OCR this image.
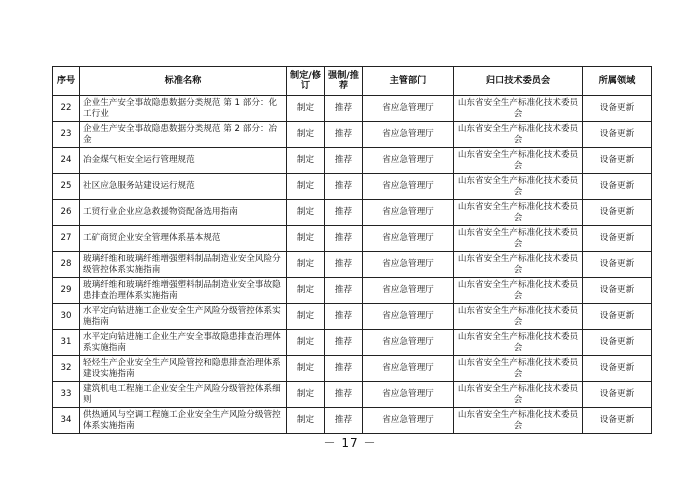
序号	标准名称	制定/修订	强制/推荐	主管部门	归口技术委员会	所属领域
22	企业生产安全事故隐患数据分类规范 第 1 部分：化工行业	制定	推荐	省应急管理厅	山东省安全生产标准化技术委员会	设备更新
23	企业生产安全事故隐患数据分类规范 第 2 部分：冶金	制定	推荐	省应急管理厅	山东省安全生产标准化技术委员会	设备更新
24	冶金煤气柜安全运行管理规范	制定	推荐	省应急管理厅	山东省安全生产标准化技术委员会	设备更新
25	社区应急服务站建设运行规范	制定	推荐	省应急管理厅	山东省安全生产标准化技术委员会	设备更新
26	工贸行业企业应急救援物资配备选用指南	制定	推荐	省应急管理厅	山东省安全生产标准化技术委员会	设备更新
27	工矿商贸企业安全管理体系基本规范	制定	推荐	省应急管理厅	山东省安全生产标准化技术委员会	设备更新
28	玻璃纤维和玻璃纤维增强塑料制品制造业安全风险分级管控体系实施指南	制定	推荐	省应急管理厅	山东省安全生产标准化技术委员会	设备更新
29	玻璃纤维和玻璃纤维增强塑料制品制造业安全事故隐患排查治理体系实施指南	制定	推荐	省应急管理厅	山东省安全生产标准化技术委员会	设备更新
30	水平定向钻进施工企业安全生产风险分级管控体系实施指南	制定	推荐	省应急管理厅	山东省安全生产标准化技术委员会	设备更新
31	水平定向钻进施工企业生产安全事故隐患排查治理体系实施指南	制定	推荐	省应急管理厅	山东省安全生产标准化技术委员会	设备更新
32	轻烃生产企业安全生产风险管控和隐患排查治理体系建设实施指南	制定	推荐	省应急管理厅	山东省安全生产标准化技术委员会	设备更新
33	建筑机电工程施工企业安全生产风险分级管控体系细则	制定	推荐	省应急管理厅	山东省安全生产标准化技术委员会	设备更新
34	供热通风与空调工程施工企业安全生产风险分级管控体系实施指南	制定	推荐	省应急管理厅	山东省安全生产标准化技术委员会	设备更新
－ 17 －
